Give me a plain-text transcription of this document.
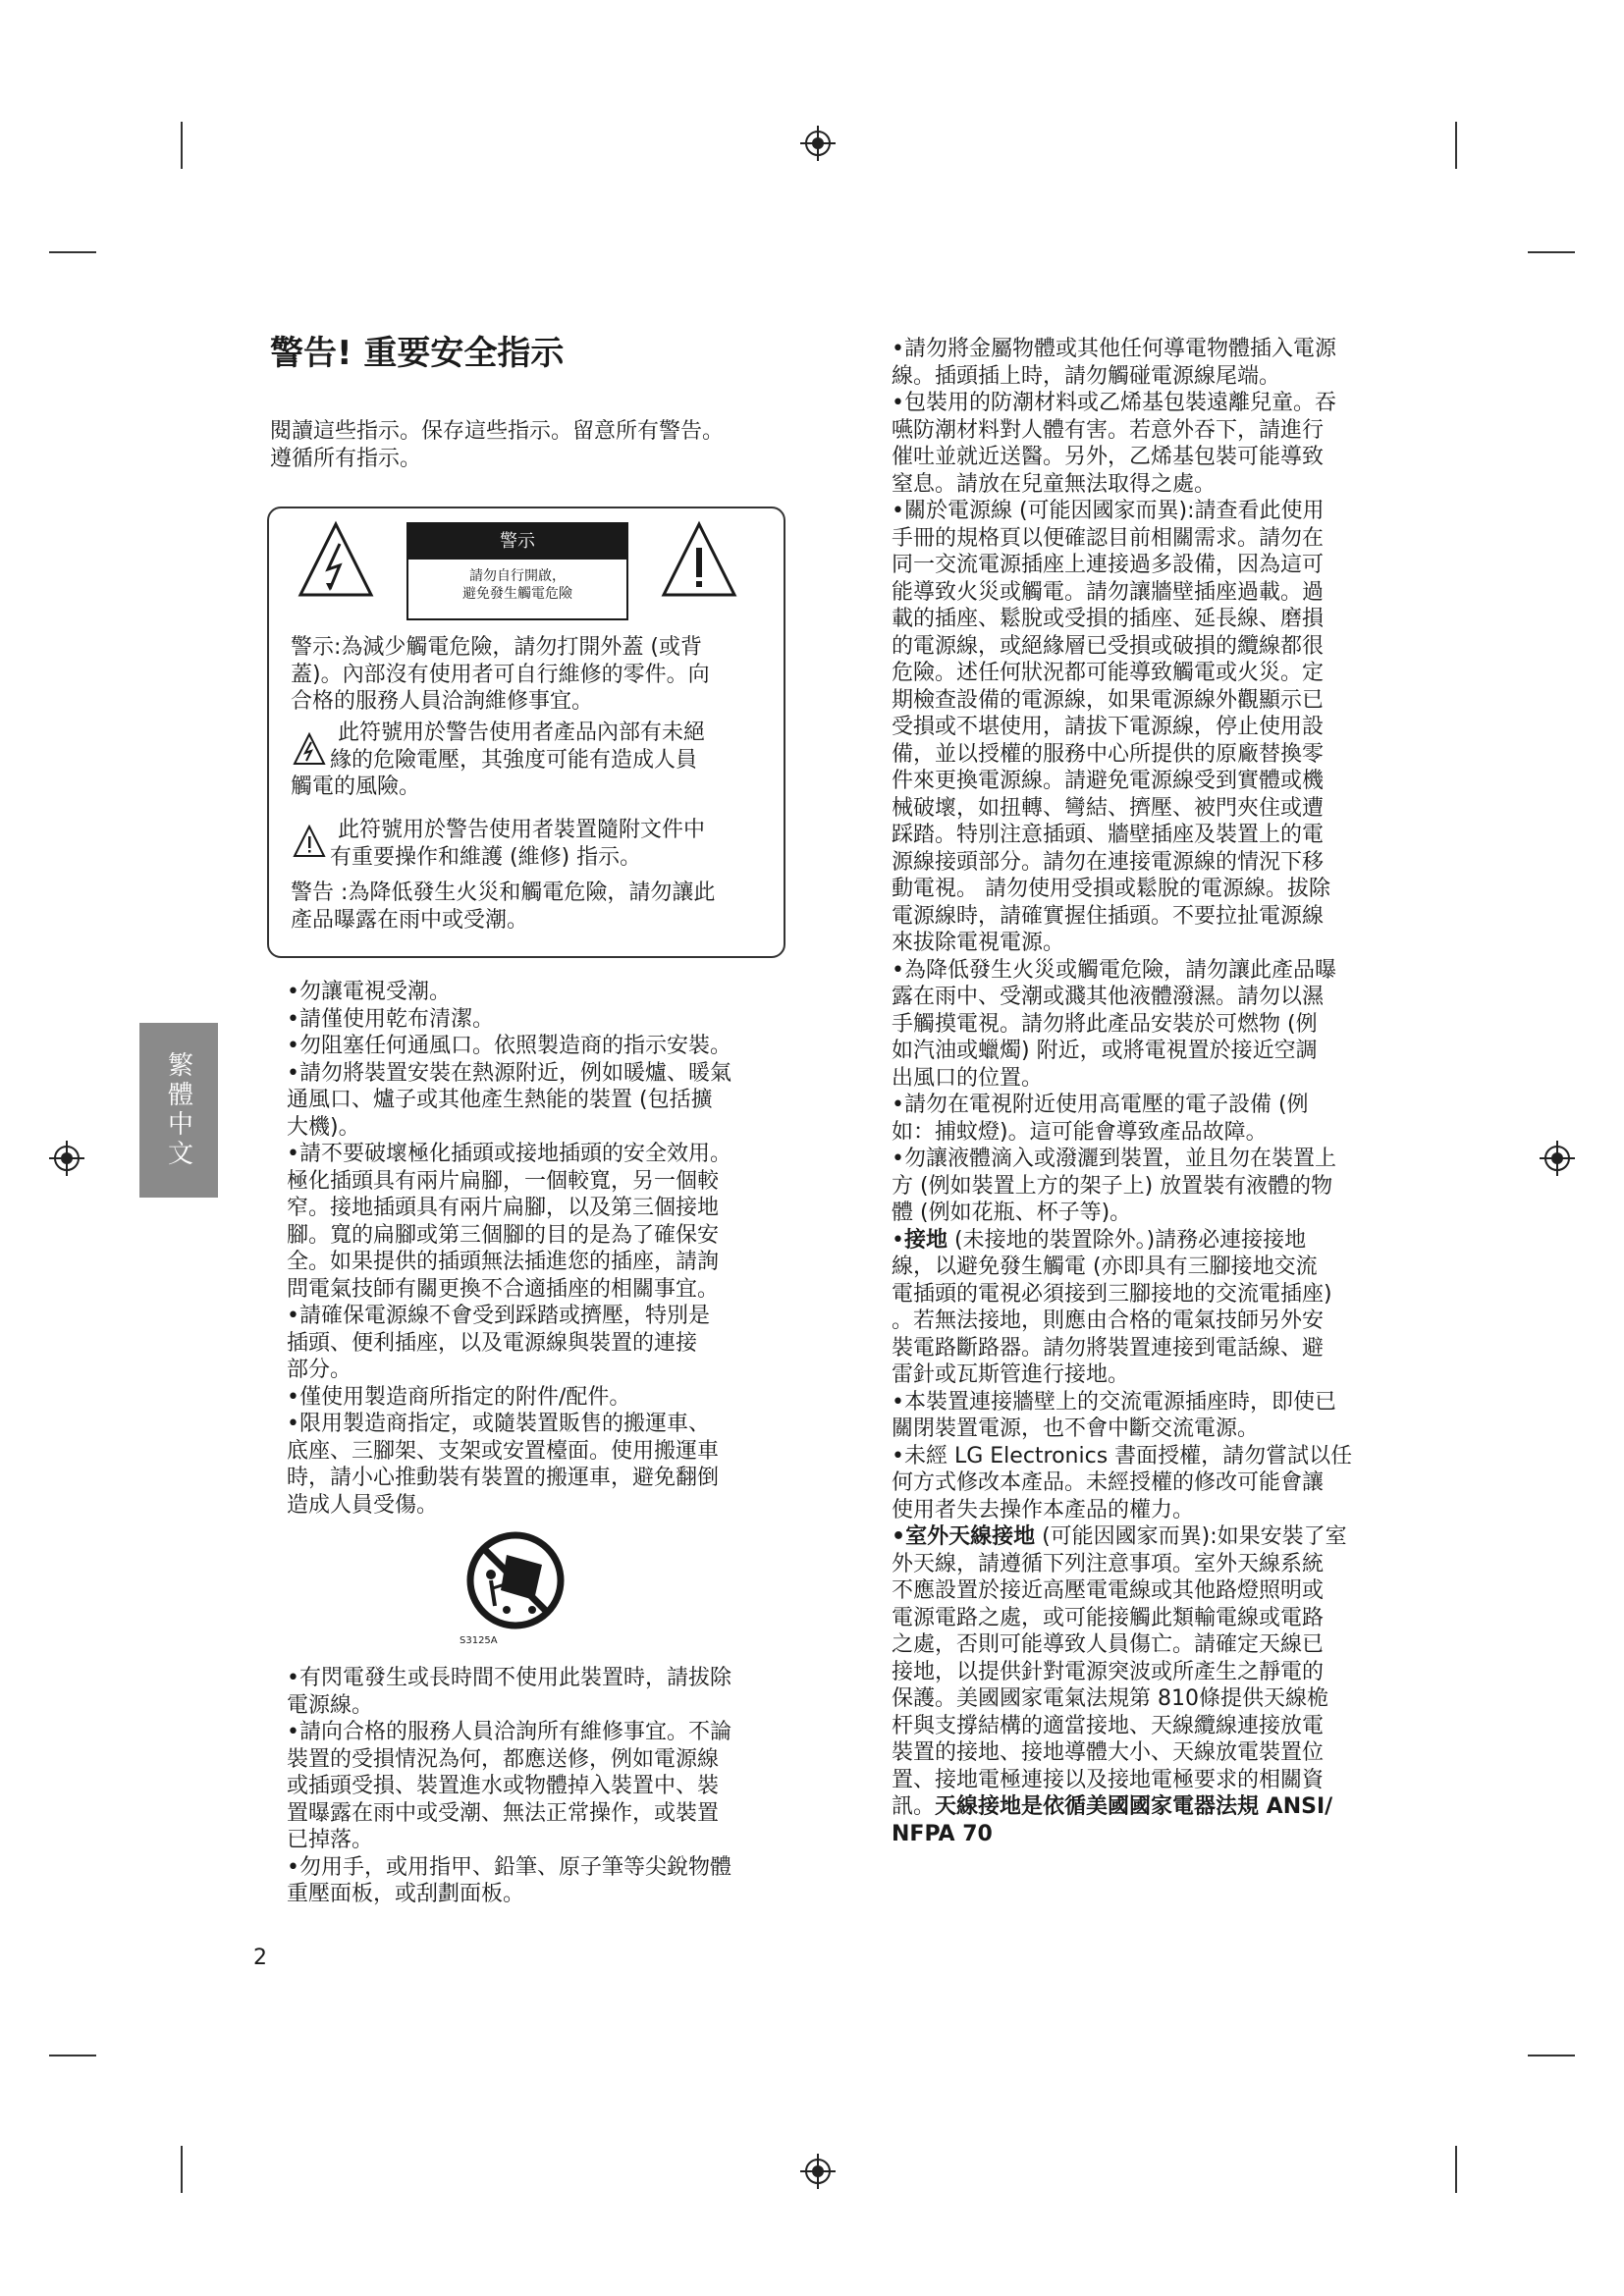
繁體中文
警告! 重要安全指示

閱讀這些指示。保存這些指示。留意所有警告。

遵循所有指示。

警示
請勿自行開啟，
避免發生觸電危險

警示:為減少觸電危險，請勿打開外蓋 (或背

蓋)。內部沒有使用者可自行維修的零件。向

合格的服務人員洽詢維修事宜。

此符號用於警告使用者產品內部有未絕

緣的危險電壓，其強度可能有造成人員

觸電的風險。

此符號用於警告使用者裝置隨附文件中

有重要操作和維護 (維修) 指示。

警告 :為降低發生火災和觸電危險，請勿讓此

產品曝露在雨中或受潮。

•勿讓電視受潮。

•請僅使用乾布清潔。

•勿阻塞任何通風口。依照製造商的指示安裝。

•請勿將裝置安裝在熱源附近，例如暖爐、暖氣

通風口、爐子或其他產生熱能的裝置 (包括擴

大機)。

•請不要破壞極化插頭或接地插頭的安全效用。

極化插頭具有兩片扁腳，一個較寬，另一個較

窄。接地插頭具有兩片扁腳，以及第三個接地

腳。寬的扁腳或第三個腳的目的是為了確保安

全。如果提供的插頭無法插進您的插座，請詢

問電氣技師有關更換不合適插座的相關事宜。

•請確保電源線不會受到踩踏或擠壓，特別是

插頭、便利插座，以及電源線與裝置的連接

部分。

•僅使用製造商所指定的附件/配件。

•限用製造商指定，或隨裝置販售的搬運車、

底座、三腳架、支架或安置檯面。使用搬運車

時，請小心推動裝有裝置的搬運車，避免翻倒

造成人員受傷。

S3125A

•有閃電發生或長時間不使用此裝置時，請拔除

電源線。

•請向合格的服務人員洽詢所有維修事宜。不論

裝置的受損情況為何，都應送修，例如電源線

或插頭受損、裝置進水或物體掉入裝置中、裝

置曝露在雨中或受潮、無法正常操作，或裝置

已掉落。

•勿用手，或用指甲、鉛筆、原子筆等尖銳物體

重壓面板，或刮劃面板。

2

•請勿將金屬物體或其他任何導電物體插入電源

線。插頭插上時，請勿觸碰電源線尾端。

•包裝用的防潮材料或乙烯基包裝遠離兒童。吞

嚥防潮材料對人體有害。若意外吞下，請進行

催吐並就近送醫。另外，乙烯基包裝可能導致

窒息。請放在兒童無法取得之處。

•關於電源線 (可能因國家而異):請查看此使用

手冊的規格頁以便確認目前相關需求。請勿在

同一交流電源插座上連接過多設備，因為這可

能導致火災或觸電。請勿讓牆壁插座過載。過

載的插座、鬆脫或受損的插座、延長線、磨損

的電源線，或絕緣層已受損或破損的纜線都很

危險。述任何狀況都可能導致觸電或火災。定

期檢查設備的電源線，如果電源線外觀顯示已

受損或不堪使用，請拔下電源線，停止使用設

備，並以授權的服務中心所提供的原廠替換零

件來更換電源線。請避免電源線受到實體或機

械破壞，如扭轉、彎結、擠壓、被門夾住或遭

踩踏。特別注意插頭、牆壁插座及裝置上的電

源線接頭部分。請勿在連接電源線的情況下移

動電視。 請勿使用受損或鬆脫的電源線。拔除

電源線時，請確實握住插頭。不要拉扯電源線

來拔除電視電源。

•為降低發生火災或觸電危險，請勿讓此產品曝

露在雨中、受潮或濺其他液體潑濕。請勿以濕

手觸摸電視。請勿將此產品安裝於可燃物 (例

如汽油或蠟燭) 附近，或將電視置於接近空調

出風口的位置。

•請勿在電視附近使用高電壓的電子設備 (例

如：捕蚊燈)。這可能會導致產品故障。

•勿讓液體滴入或潑灑到裝置，並且勿在裝置上

方 (例如裝置上方的架子上) 放置裝有液體的物

體 (例如花瓶、杯子等)。

•接地 (未接地的裝置除外。)請務必連接接地

線，以避免發生觸電 (亦即具有三腳接地交流

電插頭的電視必須接到三腳接地的交流電插座)

。若無法接地，則應由合格的電氣技師另外安

裝電路斷路器。請勿將裝置連接到電話線、避

雷針或瓦斯管進行接地。

•本裝置連接牆壁上的交流電源插座時，即使已

關閉裝置電源，也不會中斷交流電源。

•未經 LG Electronics 書面授權，請勿嘗試以任

何方式修改本產品。未經授權的修改可能會讓

使用者失去操作本產品的權力。

•室外天線接地 (可能因國家而異):如果安裝了室

外天線，請遵循下列注意事項。室外天線系統

不應設置於接近高壓電電線或其他路燈照明或

電源電路之處，或可能接觸此類輸電線或電路

之處，否則可能導致人員傷亡。請確定天線已

接地，以提供針對電源突波或所產生之靜電的

保護。美國國家電氣法規第 810條提供天線桅

杆與支撐結構的適當接地、天線纜線連接放電

裝置的接地、接地導體大小、天線放電裝置位

置、接地電極連接以及接地電極要求的相關資

訊。天線接地是依循美國國家電器法規 ANSI/

NFPA 70
